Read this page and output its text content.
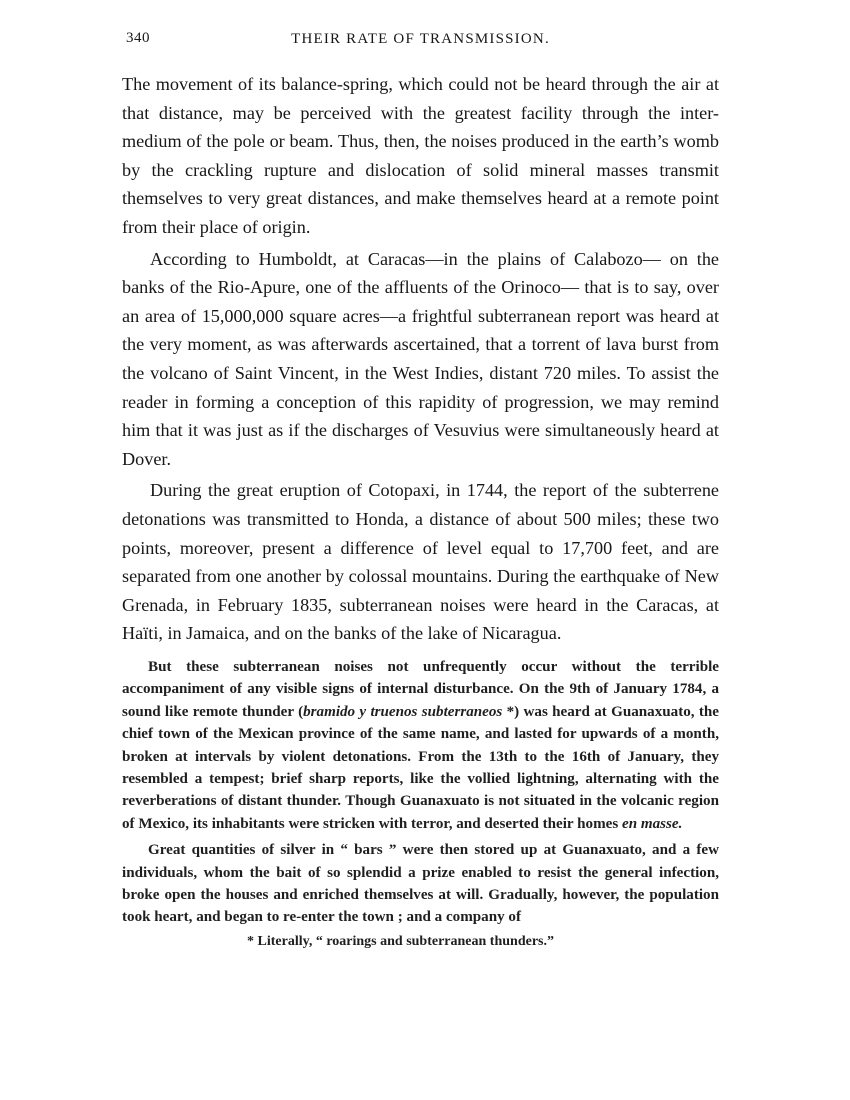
340	THEIR RATE OF TRANSMISSION.

The movement of its balance-spring, which could not be heard through the air at that distance, may be perceived with the greatest facility through the inter-medium of the pole or beam. Thus, then, the noises produced in the earth’s womb by the crackling rupture and dislocation of solid mineral masses transmit themselves to very great distances, and make themselves heard at a remote point from their place of origin.

According to Humboldt, at Caracas—in the plains of Calabozo— on the banks of the Rio-Apure, one of the affluents of the Orinoco— that is to say, over an area of 15,000,000 square acres—a frightful subterranean report was heard at the very moment, as was afterwards ascertained, that a torrent of lava burst from the volcano of Saint Vincent, in the West Indies, distant 720 miles. To assist the reader in forming a conception of this rapidity of progression, we may remind him that it was just as if the discharges of Vesuvius were simultaneously heard at Dover.

During the great eruption of Cotopaxi, in 1744, the report of the subterrene detonations was transmitted to Honda, a distance of about 500 miles; these two points, moreover, present a difference of level equal to 17,700 feet, and are separated from one another by colossal mountains. During the earthquake of New Grenada, in February 1835, subterranean noises were heard in the Caracas, at Haïti, in Jamaica, and on the banks of the lake of Nicaragua.

But these subterranean noises not unfrequently occur without the terrible accompaniment of any visible signs of internal disturbance. On the 9th of January 1784, a sound like remote thunder (bramido y truenos subterraneos *) was heard at Guanaxuato, the chief town of the Mexican province of the same name, and lasted for upwards of a month, broken at intervals by violent detonations. From the 13th to the 16th of January, they resembled a tempest; brief sharp reports, like the vollied lightning, alternating with the reverberations of distant thunder. Though Guanaxuato is not situated in the volcanic region of Mexico, its inhabitants were stricken with terror, and deserted their homes en masse.

Great quantities of silver in “ bars ” were then stored up at Guanaxuato, and a few individuals, whom the bait of so splendid a prize enabled to resist the general infection, broke open the houses and enriched themselves at will. Gradually, however, the population took heart, and began to re-enter the town ; and a company of

* Literally, “ roarings and subterranean thunders.”
